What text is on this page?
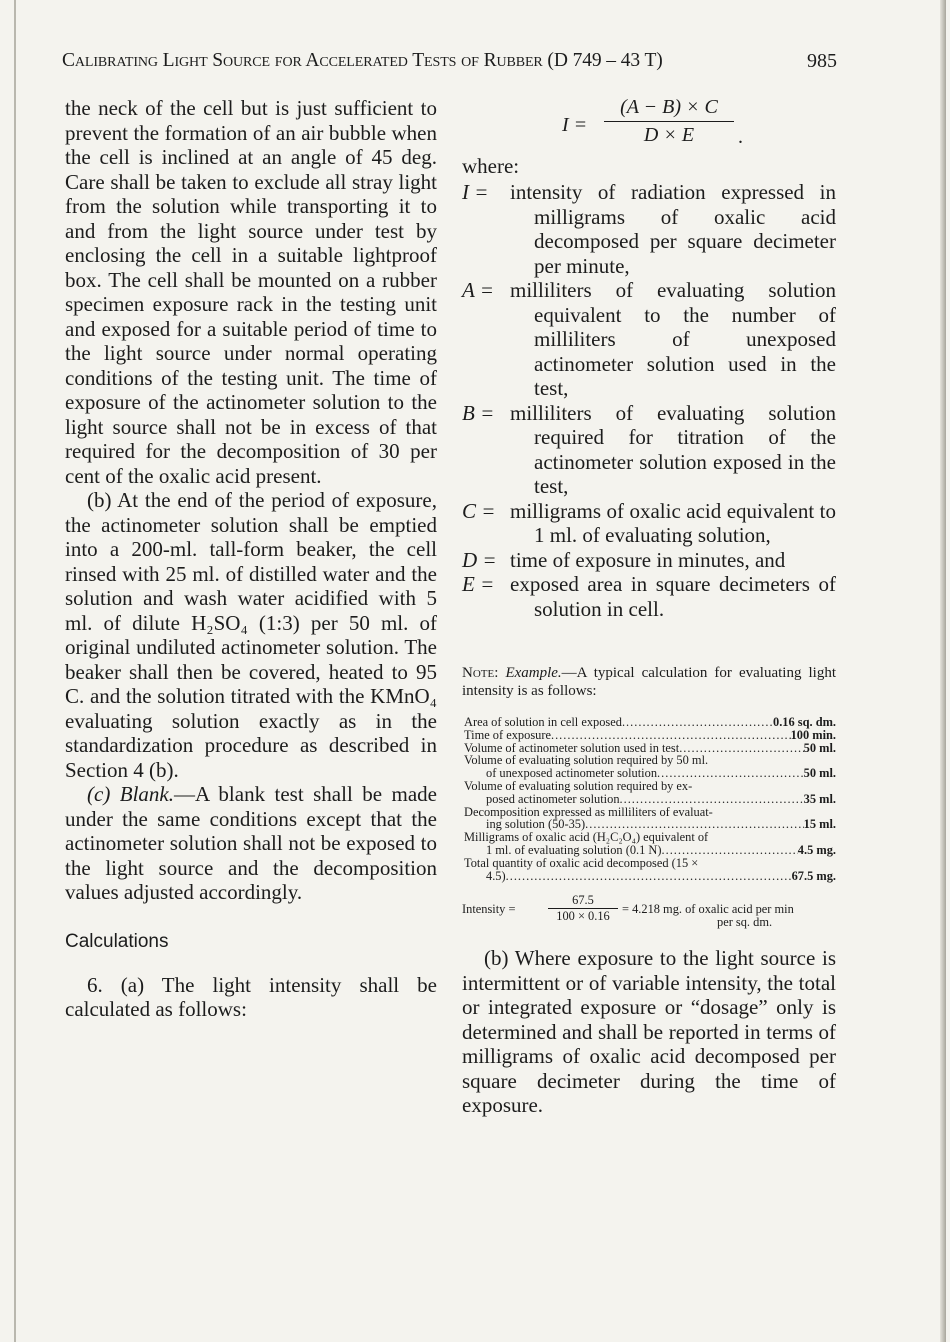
Calibrating Light Source for Accelerated Tests of Rubber (D 749 – 43 T)	985

the neck of the cell but is just sufficient to prevent the formation of an air bubble when the cell is inclined at an angle of 45 deg. Care shall be taken to exclude all stray light from the solution while transporting it to and from the light source under test by enclosing the cell in a suitable lightproof box. The cell shall be mounted on a rubber specimen exposure rack in the testing unit and exposed for a suitable period of time to the light source under normal operating conditions of the testing unit. The time of exposure of the actinometer solution to the light source shall not be in excess of that required for the decomposition of 30 per cent of the oxalic acid present.

(b) At the end of the period of exposure, the actinometer solution shall be emptied into a 200-ml. tall-form beaker, the cell rinsed with 25 ml. of distilled water and the solution and wash water acidified with 5 ml. of dilute H₂SO₄ (1:3) per 50 ml. of original undiluted actinometer solution. The beaker shall then be covered, heated to 95 C. and the solution titrated with the KMnO₄ evaluating solution exactly as in the standardization procedure as described in Section 4 (b).

(c) Blank.—A blank test shall be made under the same conditions except that the actinometer solution shall not be exposed to the light source and the decomposition values adjusted accordingly.

Calculations

6. (a) The light intensity shall be calculated as follows:

$I = \frac{(A - B) \times C}{D \times E}$ .
where:
I =	intensity of radiation expressed in milligrams of oxalic acid decomposed per square decimeter per minute,
A = milliliters of evaluating solution equivalent to the number of milliliters of unexposed actinometer solution used in the test,
B = milliliters of evaluating solution required for titration of the actinometer solution exposed in the test,
C = milligrams of oxalic acid equivalent to 1 ml. of evaluating solution,
D = time of exposure in minutes, and
E = exposed area in square decimeters of solution in cell.
Note: Example.—A typical calculation for evaluating light intensity is as follows:
Area of solution in cell exposed .....	0.16 sq. dm.
Time of exposure .....	100 min.
Volume of actinometer solution used in test .....	50 ml.
Volume of evaluating solution required by 50 ml.
of unexposed actinometer solution .....	50 ml.
Volume of evaluating solution required by ex-
posed actinometer solution .....	35 ml.
Decomposition expressed as milliliters of evaluat-
ing solution (50-35) .....	15 ml.
Milligrams of oxalic acid (H₂C₂O₄) equivalent of
1 ml. of evaluating solution (0.1 N) .....	4.5 mg.
Total quantity of oxalic acid decomposed (15 ×
4.5) .....	67.5 mg.
Intensity =	$\frac{67.5}{100 \times 0.16} = 4.218$ mg. of oxalic acid per min
per sq. dm.

(b) Where exposure to the light source is intermittent or of variable intensity, the total or integrated exposure or “dosage” only is determined and shall be reported in terms of milligrams of oxalic acid decomposed per square decimeter during the time of exposure.
